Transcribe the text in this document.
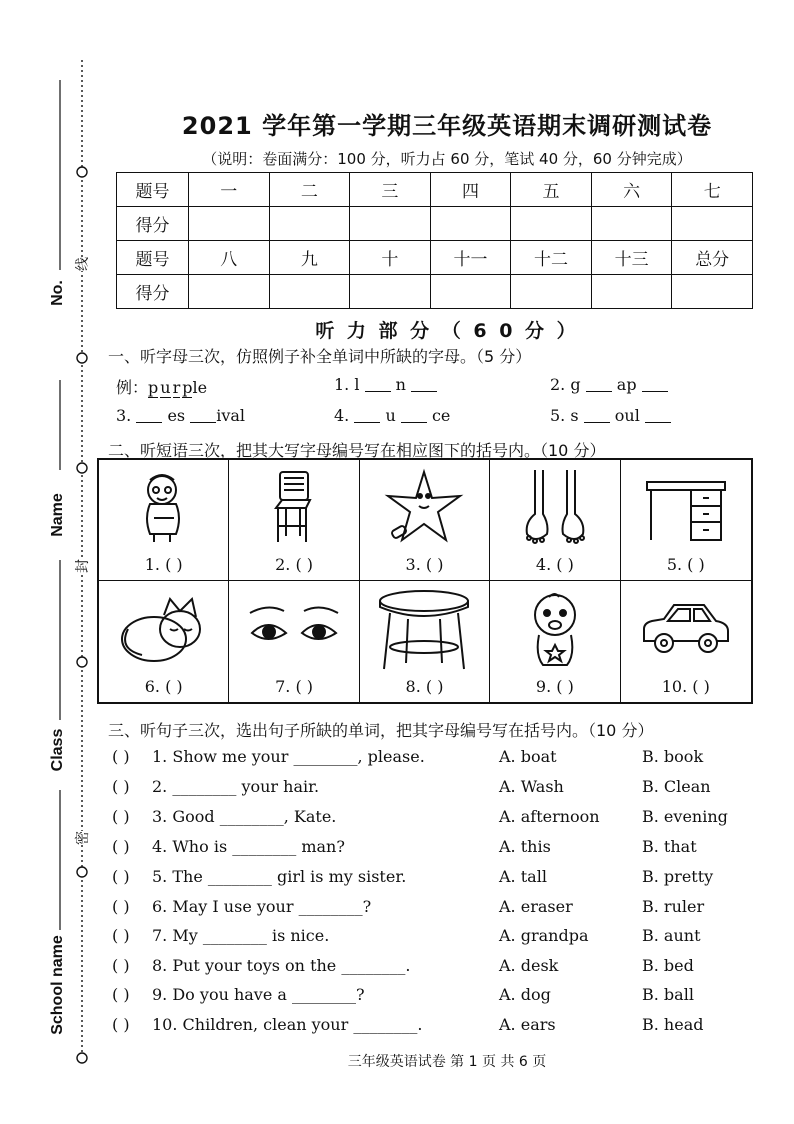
No.
Name
Class
School name
线
封
密
2021 学年第一学期三年级英语期末调研测试卷
（说明：卷面满分：100 分，听力占 60 分，笔试 40 分，60 分钟完成）
题号	一	二	三	四	五	六	七
得分							
题号	八	九	十	十一	十二	十三	总分
得分							
听 力 部 分 （ 6 0 分 ）
一、听字母三次，仿照例子补全单词中所缺的字母。（5 分）
例：p u r ple	1. l n	2. g ap
3. es ival	4. u ce	5. s oul
二、听短语三次，把其大写字母编号写在相应图下的括号内。（10 分）
1. ( )	2. ( )	3. ( )	4. ( )	5. ( )
6. ( )	7. ( )	8. ( )	9. ( )	10. ( )
三、听句子三次，选出句子所缺的单词，把其字母编号写在括号内。（10 分）
( ) 1. Show me your ________, please.	A. boat	B. book
( ) 2. ________ your hair.	A. Wash	B. Clean
( ) 3. Good ________, Kate.	A. afternoon	B. evening
( ) 4. Who is ________ man?	A. this	B. that
( ) 5. The ________ girl is my sister.	A. tall	B. pretty
( ) 6. May I use your ________?	A. eraser	B. ruler
( ) 7. My ________ is nice.	A. grandpa	B. aunt
( ) 8. Put your toys on the ________.	A. desk	B. bed
( ) 9. Do you have a ________?	A. dog	B. ball
( ) 10. Children, clean your ________.	A. ears	B. head
三年级英语试卷 第 1 页 共 6 页
